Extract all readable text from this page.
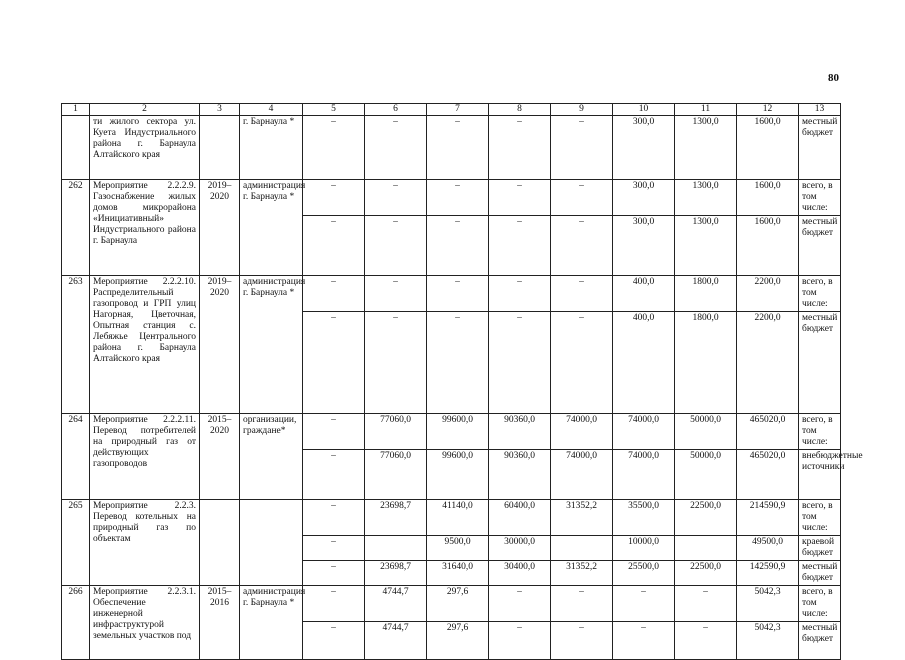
80
1	2	3	4	5	6	7	8	9	10	11	12	13
	ти жилого сектора ул. Куета Индустриального района г. Барнаула Алтайского края		г. Барнаула *	–	–	–	–	–	300,0	1300,0	1600,0	местный бюджет
262	Мероприятие 2.2.2.9. Газоснабжение жилых домов микрорайона «Инициативный» Индустриального района г. Барнаула	2019–2020	администрация г. Барнаула *	–	–	–	–	–	300,0	1300,0	1600,0	всего, в том числе:
				–	–	–	–	–	300,0	1300,0	1600,0	местный бюджет
263	Мероприятие 2.2.2.10. Распределительный газопровод и ГРП улиц Нагорная, Цветочная, Опытная станция с. Лебяжье Центрального района г. Барнаула Алтайского края	2019–2020	администрация г. Барнаула *	–	–	–	–	–	400,0	1800,0	2200,0	всего, в том числе:
				–	–	–	–	–	400,0	1800,0	2200,0	местный бюджет
264	Мероприятие 2.2.2.11. Перевод потребителей на природный газ от действующих газопроводов	2015–2020	организации, граждане*	–	77060,0	99600,0	90360,0	74000,0	74000,0	50000,0	465020,0	всего, в том числе:
				–	77060,0	99600,0	90360,0	74000,0	74000,0	50000,0	465020,0	внебюджетные источники
265	Мероприятие 2.2.3. Перевод котельных на природный газ по объектам			–	23698,7	41140,0	60400,0	31352,2	35500,0	22500,0	214590,9	всего, в том числе:
				–		9500,0	30000,0		10000,0		49500,0	краевой бюджет
				–	23698,7	31640,0	30400,0	31352,2	25500,0	22500,0	142590,9	местный бюджет
266	Мероприятие 2.2.3.1. Обеспечение инженерной инфраструктурой земельных участков под	2015–2016	администрация г. Барнаула *	–	4744,7	297,6	–	–	–	–	5042,3	всего, в том числе:
				–	4744,7	297,6	–	–	–	–	5042,3	местный бюджет
